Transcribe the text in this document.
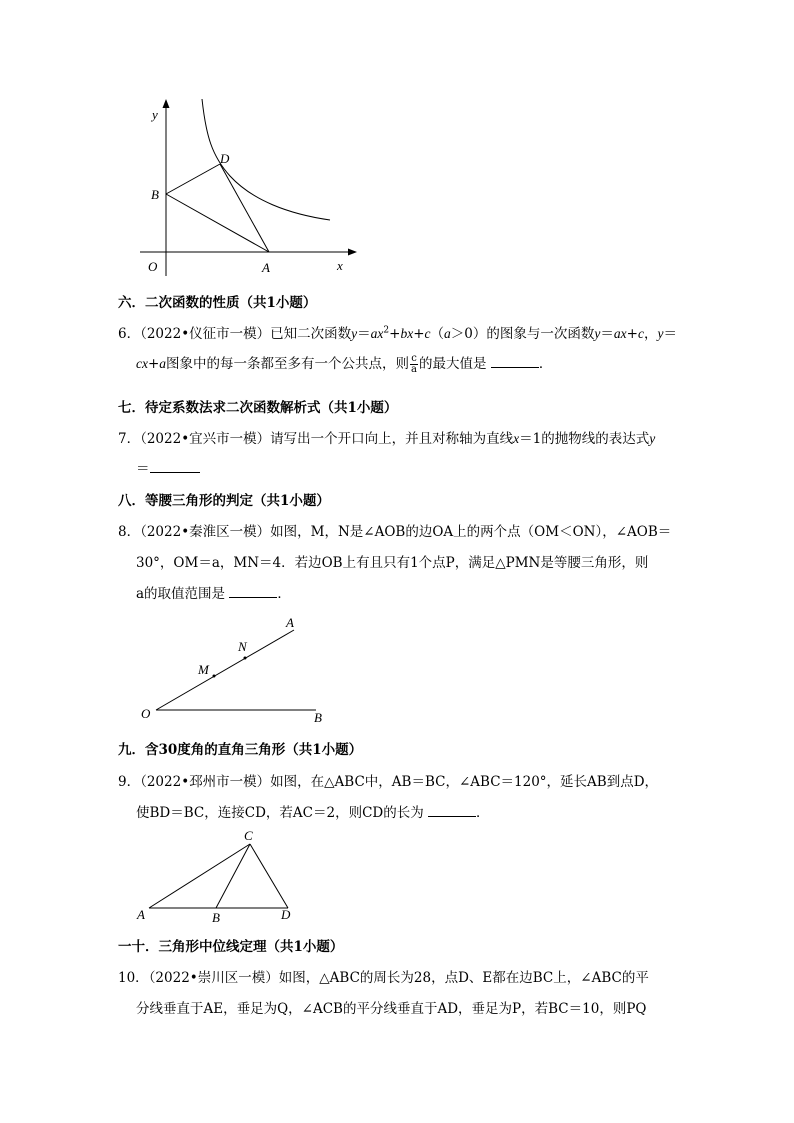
y
x
O	A
B
D
六．二次函数的性质（共1小题）
6．（2022•仪征市一模）已知二次函数$y=ax^2+bx+c(a>0)$的图象与一次函数y＝ax+c，y＝
cx+a图象中的每一条都至多有一个公共点，则 $\frac{c}{a}$ 的最大值是	．
七．待定系数法求二次函数解析式（共1小题）
7．（2022•宜兴市一模）请写出一个开口向上，并且对称轴为直线x＝1的抛物线的表达式y
＝
八．等腰三角形的判定（共1小题）
8．（2022•秦淮区一模）如图，M，N是∠AOB的边OA上的两个点（OM＜ON），∠AOB＝
30°，OM＝a，MN＝4．若边OB上有且只有1个点P，满足△PMN是等腰三角形，则
a的取值范围是	．
O
M
N
A
B
九．含30度角的直角三角形（共1小题）
9．（2022•邳州市一模）如图，在△ABC中，AB＝BC，∠ABC＝120°，延长AB到点D，
使BD＝BC，连接CD，若AC＝2，则CD的长为	．
A	B
C
D
一十．三角形中位线定理（共1小题）
10．（2022•崇川区一模）如图，△ABC的周长为28，点D、E都在边BC上，∠ABC的平
分线垂直于AE，垂足为Q，∠ACB的平分线垂直于AD，垂足为P，若BC＝10，则PQ
